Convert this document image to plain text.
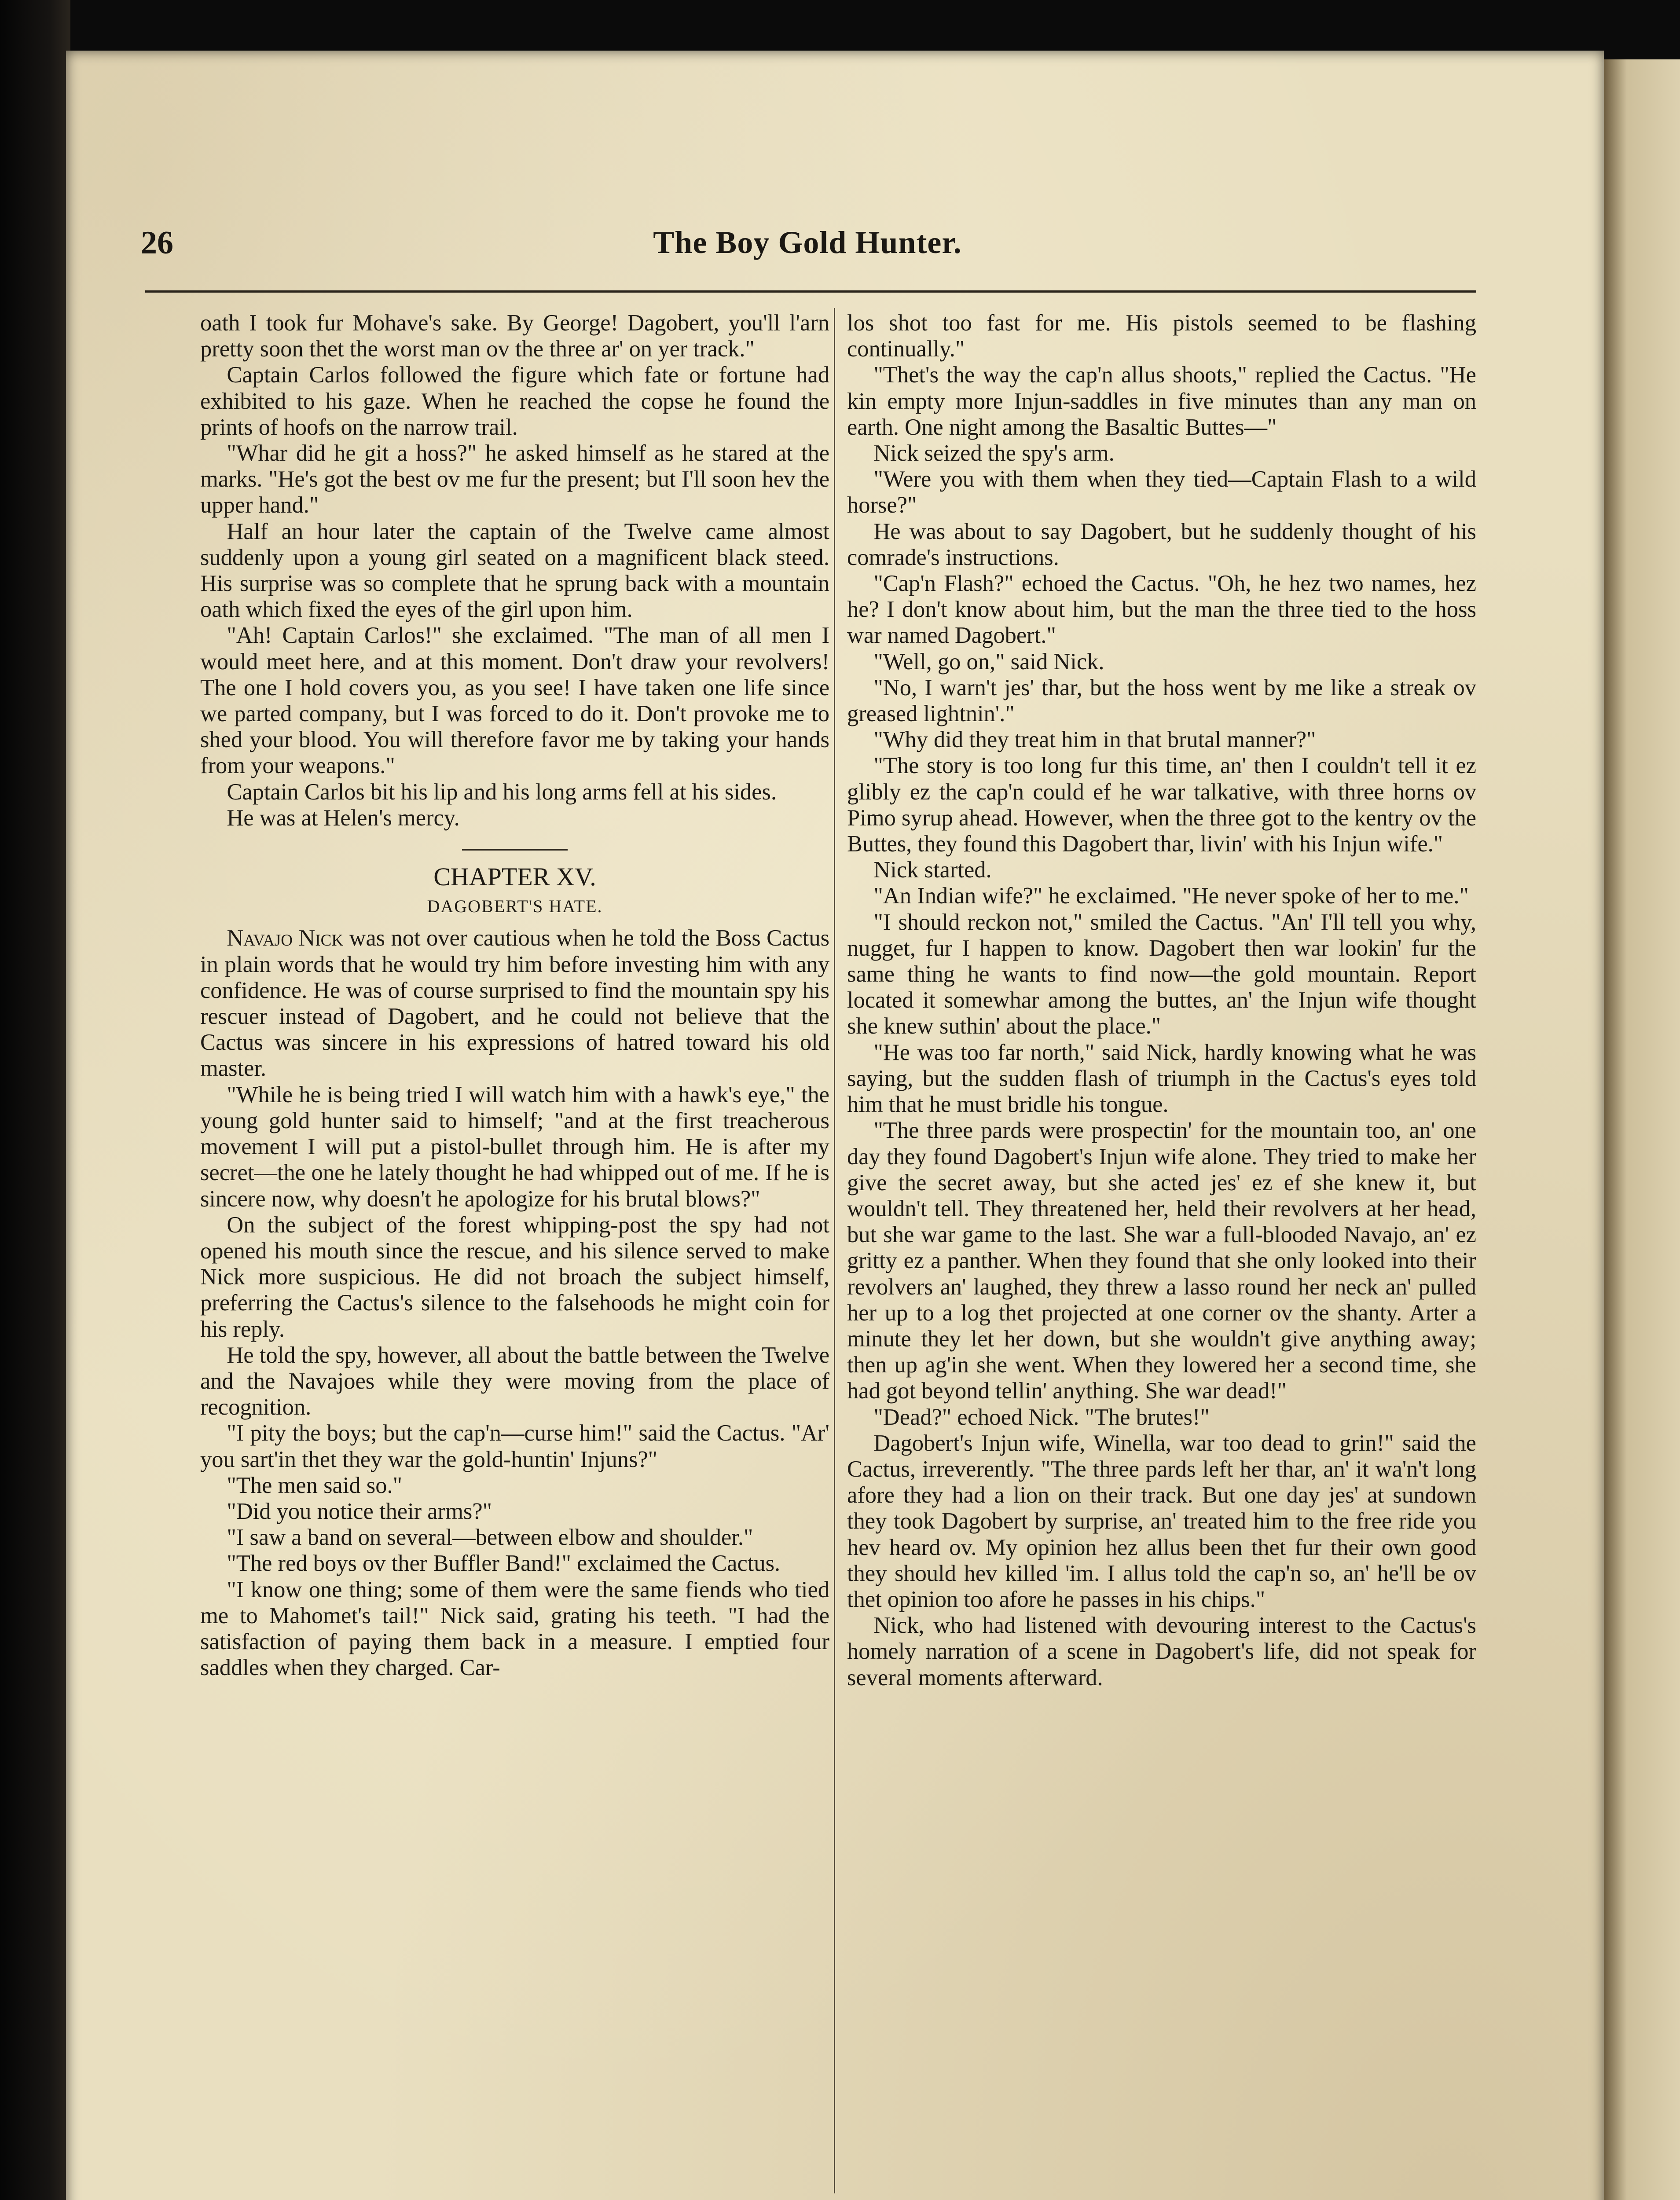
26	The Boy Gold Hunter.

oath I took fur Mohave's sake. By George! Dagobert, you'll l'arn pretty soon thet the worst man ov the three ar' on yer track."

Captain Carlos followed the figure which fate or fortune had exhibited to his gaze. When he reached the copse he found the prints of hoofs on the narrow trail.

"Whar did he git a hoss?" he asked himself as he stared at the marks. "He's got the best ov me fur the present; but I'll soon hev the upper hand."

Half an hour later the captain of the Twelve came almost suddenly upon a young girl seated on a magnificent black steed. His surprise was so complete that he sprung back with a mountain oath which fixed the eyes of the girl upon him.

"Ah! Captain Carlos!" she exclaimed. "The man of all men I would meet here, and at this moment. Don't draw your revolvers! The one I hold covers you, as you see! I have taken one life since we parted company, but I was forced to do it. Don't provoke me to shed your blood. You will therefore favor me by taking your hands from your weapons."

Captain Carlos bit his lip and his long arms fell at his sides.

He was at Helen's mercy.

CHAPTER XV.

DAGOBERT'S HATE.

Navajo Nick was not over cautious when he told the Boss Cactus in plain words that he would try him before investing him with any confidence. He was of course surprised to find the mountain spy his rescuer instead of Dagobert, and he could not believe that the Cactus was sincere in his expressions of hatred toward his old master.

"While he is being tried I will watch him with a hawk's eye," the young gold hunter said to himself; "and at the first treacherous movement I will put a pistol-bullet through him. He is after my secret—the one he lately thought he had whipped out of me. If he is sincere now, why doesn't he apologize for his brutal blows?"

On the subject of the forest whipping-post the spy had not opened his mouth since the rescue, and his silence served to make Nick more suspicious. He did not broach the subject himself, preferring the Cactus's silence to the falsehoods he might coin for his reply.

He told the spy, however, all about the battle between the Twelve and the Navajoes while they were moving from the place of recognition.

"I pity the boys; but the cap'n—curse him!" said the Cactus. "Ar' you sart'in thet they war the gold-huntin' Injuns?"

"The men said so."

"Did you notice their arms?"

"I saw a band on several—between elbow and shoulder."

"The red boys ov ther Buffler Band!" exclaimed the Cactus.

"I know one thing; some of them were the same fiends who tied me to Mahomet's tail!" Nick said, grating his teeth. "I had the satisfaction of paying them back in a measure. I emptied four saddles when they charged. Car-

los shot too fast for me. His pistols seemed to be flashing continually."

"Thet's the way the cap'n allus shoots," replied the Cactus. "He kin empty more Injun-saddles in five minutes than any man on earth. One night among the Basaltic Buttes—"

Nick seized the spy's arm.

"Were you with them when they tied—Captain Flash to a wild horse?"

He was about to say Dagobert, but he suddenly thought of his comrade's instructions.

"Cap'n Flash?" echoed the Cactus. "Oh, he hez two names, hez he? I don't know about him, but the man the three tied to the hoss war named Dagobert."

"Well, go on," said Nick.

"No, I warn't jes' thar, but the hoss went by me like a streak ov greased lightnin'."

"Why did they treat him in that brutal manner?"

"The story is too long fur this time, an' then I couldn't tell it ez glibly ez the cap'n could ef he war talkative, with three horns ov Pimo syrup ahead. However, when the three got to the kentry ov the Buttes, they found this Dagobert thar, livin' with his Injun wife."

Nick started.

"An Indian wife?" he exclaimed. "He never spoke of her to me."

"I should reckon not," smiled the Cactus. "An' I'll tell you why, nugget, fur I happen to know. Dagobert then war lookin' fur the same thing he wants to find now—the gold mountain. Report located it somewhar among the buttes, an' the Injun wife thought she knew suthin' about the place."

"He was too far north," said Nick, hardly knowing what he was saying, but the sudden flash of triumph in the Cactus's eyes told him that he must bridle his tongue.

"The three pards were prospectin' for the mountain too, an' one day they found Dagobert's Injun wife alone. They tried to make her give the secret away, but she acted jes' ez ef she knew it, but wouldn't tell. They threatened her, held their revolvers at her head, but she war game to the last. She war a full-blooded Navajo, an' ez gritty ez a panther. When they found that she only looked into their revolvers an' laughed, they threw a lasso round her neck an' pulled her up to a log thet projected at one corner ov the shanty. Arter a minute they let her down, but she wouldn't give anything away; then up ag'in she went. When they lowered her a second time, she had got beyond tellin' anything. She war dead!"

"Dead?" echoed Nick. "The brutes!"

Dagobert's Injun wife, Winella, war too dead to grin!" said the Cactus, irreverently. "The three pards left her thar, an' it wa'n't long afore they had a lion on their track. But one day jes' at sundown they took Dagobert by surprise, an' treated him to the free ride you hev heard ov. My opinion hez allus been thet fur their own good they should hev killed 'im. I allus told the cap'n so, an' he'll be ov thet opinion too afore he passes in his chips."

Nick, who had listened with devouring interest to the Cactus's homely narration of a scene in Dagobert's life, did not speak for several moments afterward.
